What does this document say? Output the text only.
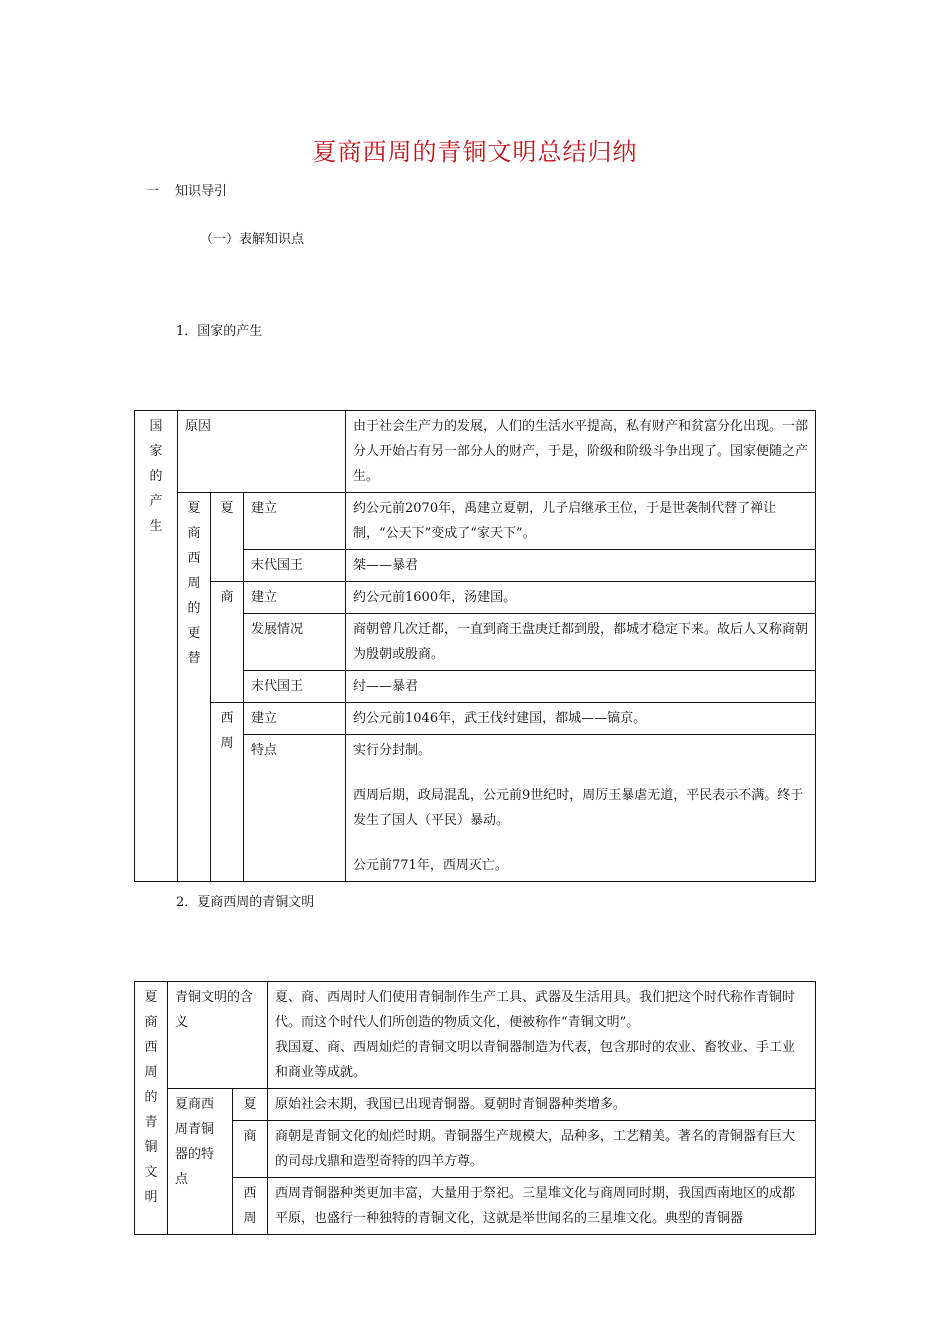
夏商西周的青铜文明总结归纳
一 知识导引
（一）表解知识点
1．国家的产生
国家的产生	原因			由于社会生产力的发展，人们的生活水平提高，私有财产和贫富分化出现。一部分人开始占有另一部分人的财产，于是，阶级和阶级斗争出现了。国家便随之产生。

	夏商西周的更替	夏	建立	约公元前2070年，禹建立夏朝，儿子启继承王位，于是世袭制代替了禅让制，“公天下”变成了“家天下”。
			末代国王	桀——暴君

		商	建立	约公元前1600年，汤建国。
			发展情况	商朝曾几次迁都，一直到商王盘庚迁都到殷，都城才稳定下来。故后人又称商朝为殷朝或殷商。
			末代国王	纣——暴君

		西周	建立	约公元前1046年，武王伐纣建国，都城——镐京。
			特点	实行分封制。
西周后期，政局混乱，公元前9世纪时，周厉王暴虐无道，平民表示不满。终于发生了国人（平民）暴动。
公元前771年，西周灭亡。
2．夏商西周的青铜文明
夏商西周的青铜文明	青铜文明的含义		夏、商、西周时人们使用青铜制作生产工具、武器及生活用具。我们把这个时代称作青铜时代。而这个时代人们所创造的物质文化，便被称作“青铜文明”。
我国夏、商、西周灿烂的青铜文明以青铜器制造为代表，包含那时的农业、畜牧业、手工业和商业等成就。

	夏商西周青铜器的特点	夏	原始社会末期，我国已出现青铜器。夏朝时青铜器种类增多。

		商	商朝是青铜文化的灿烂时期。青铜器生产规模大，品种多，工艺精美。著名的青铜器有巨大的司母戊鼎和造型奇特的四羊方尊。

		西周	西周青铜器种类更加丰富，大量用于祭祀。三星堆文化与商周同时期，我国西南地区的成都平原，也盛行一种独特的青铜文化，这就是举世闻名的三星堆文化。典型的青铜器
